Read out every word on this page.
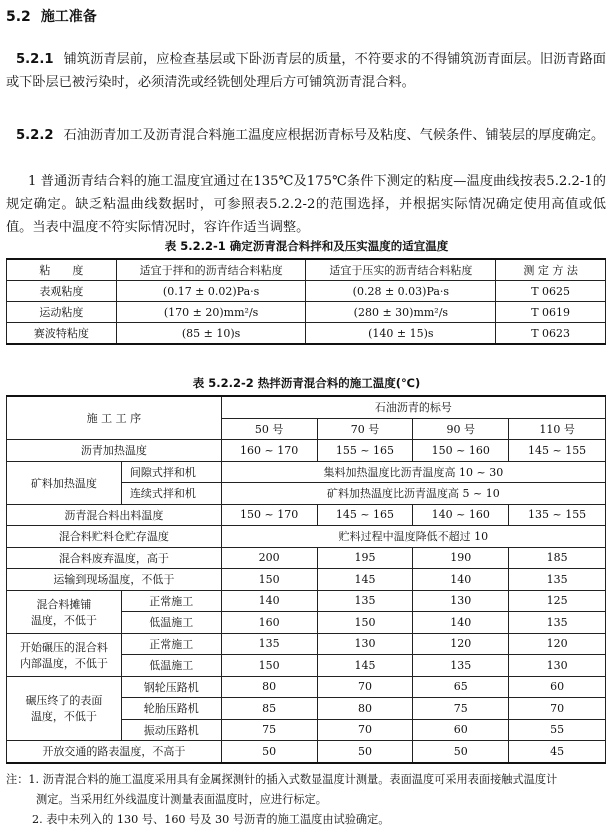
5.2 施工准备
5.2.1 铺筑沥青层前，应检查基层或下卧沥青层的质量，不符要求的不得铺筑沥青面层。旧沥青路面或下卧层已被污染时，必须清洗或经铣刨处理后方可铺筑沥青混合料。
5.2.2 石油沥青加工及沥青混合料施工温度应根据沥青标号及粘度、气候条件、铺装层的厚度确定。
1 普通沥青结合料的施工温度宜通过在135℃及175℃条件下测定的粘度—温度曲线按表5.2.2-1的规定确定。缺乏粘温曲线数据时，可参照表5.2.2-2的范围选择，并根据实际情况确定使用高值或低值。当表中温度不符实际情况时，容许作适当调整。
表 5.2.2-1 确定沥青混合料拌和及压实温度的适宜温度
粘　　度	适宜于拌和的沥青结合料粘度	适宜于压实的沥青结合料粘度	测 定 方 法
表观粘度	(0.17 ± 0.02)Pa·s	(0.28 ± 0.03)Pa·s	T 0625
运动粘度	(170 ± 20)mm²/s	(280 ± 30)mm²/s	T 0619
赛波特粘度	(85 ± 10)s	(140 ± 15)s	T 0623
表 5.2.2-2 热拌沥青混合料的施工温度(℃)
施 工 工 序		石油沥青的标号			
		50 号	70 号	90 号	110 号
沥青加热温度		160 ~ 170	155 ~ 165	150 ~ 160	145 ~ 155
矿料加热温度	间隙式拌和机	集料加热温度比沥青温度高 10 ~ 30			
	连续式拌和机	矿料加热温度比沥青温度高 5 ~ 10			
沥青混合料出料温度		150 ~ 170	145 ~ 165	140 ~ 160	135 ~ 155
混合料贮料仓贮存温度		贮料过程中温度降低不超过 10			
混合料废弃温度，高于		200	195	190	185
运输到现场温度，不低于		150	145	140	135
混合料摊铺
温度，不低于	正常施工	140	135	130	125
	低温施工	160	150	140	135
开始碾压的混合料
内部温度，不低于	正常施工	135	130	120	120
	低温施工	150	145	135	130
碾压终了的表面
温度，不低于	钢轮压路机	80	70	65	60
	轮胎压路机	85	80	75	70
	振动压路机	75	70	60	55
开放交通的路表温度，不高于		50	50	50	45
注：1. 沥青混合料的施工温度采用具有金属探测针的插入式数显温度计测量。表面温度可采用表面接触式温度计
测定。当采用红外线温度计测量表面温度时，应进行标定。
2. 表中未列入的 130 号、160 号及 30 号沥青的施工温度由试验确定。
